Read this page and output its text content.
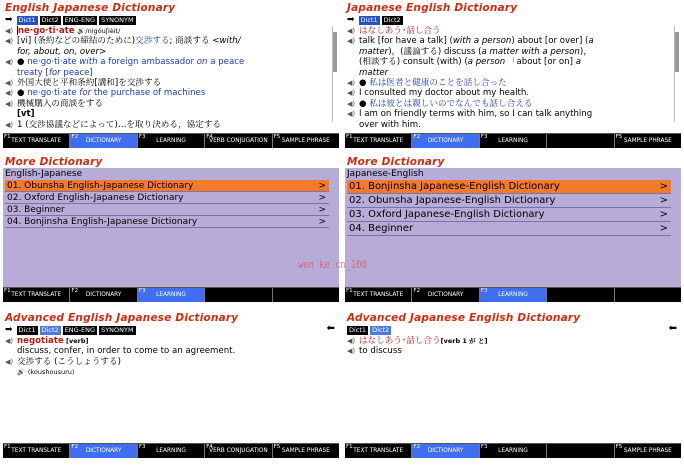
English Japanese Dictionary
➡ Dict1 Dict2 ENG-ENG SYNONYM
◀) ne·go·ti·ate 🔊/nigóuʃièit/
◀) [vi] (条約などの締結のために)交渉する; 商談する <with/
for, about, on, over>
◀) ● ne·go·ti·ate with a foreign ambassador on a peace
treaty [for peace]
◀) 外国大使と平和条約[講和]を交渉する
◀) ● ne·go·ti·ate for the purchase of machines
◀) 機械購入の商談をする
[vt]
◀) 1 (交渉協議などによって)…を取り決める，協定する
F1
TEXT TRANSLATE
F2
DICTIONARY
F3
LEARNING
F4
VERB CONJUGATION
F5
SAMPLE PHRASE
Japanese English Dictionary
➡ Dict1 Dict2
◀) はなしあう･話し合う
◀) talk [for have a talk] (with a person) about [or over] (a
matter)，(議論する) discuss (a matter with a person)，
(相談する) consult (with) (a person 「about [or on] a
matter
◀) ● 私は医者と健康のことを話し合った
◀) I consulted my doctor about my health.
◀) ● 私は彼とは親しいのでなんでも話し合える
◀) I am on friendly terms with him, so I can talk anything
over with him.
F1
TEXT TRANSLATE
F2
DICTIONARY
F3
LEARNING
F5
SAMPLE PHRASE
More Dictionary
English-Japanese
01. Obunsha English-Japanese Dictionary	>
02. Oxford English-Japanese Dictionary	>
03. Beginner	>
04. Bonjinsha English-Japanese Dictionary	>
F1
TEXT TRANSLATE
F2
DICTIONARY
F3
LEARNING
More Dictionary
Japanese-English
01. Bonjinsha Japanese-English Dictionary	>
02. Obunsha Japanese-English Dictionary	>
03. Oxford Japanese-English Dictionary	>
04. Beginner	>
F1
TEXT TRANSLATE
F2
DICTIONARY
F3
LEARNING
Advanced English Japanese Dictionary
➡ Dict1 Dict2 ENG-ENG SYNONYM	⬅
◀) negotiate [verb]
discuss, confer, in order to come to an agreement.
◀) 交渉する (こうしょうする)
🔊 (koushousuru)
F1
TEXT TRANSLATE
F2
DICTIONARY
F3
LEARNING
F4
VERB CONJUGATION
F5
SAMPLE PHRASE
Advanced Japanese English Dictionary
Dict1 Dict2	⬅
◀) はなしあう･話し合う[verb 1 が と]
◀) to discuss
F1
TEXT TRANSLATE
F2
DICTIONARY
F3
LEARNING
F5
SAMPLE PHRASE
wen ke cn_100
